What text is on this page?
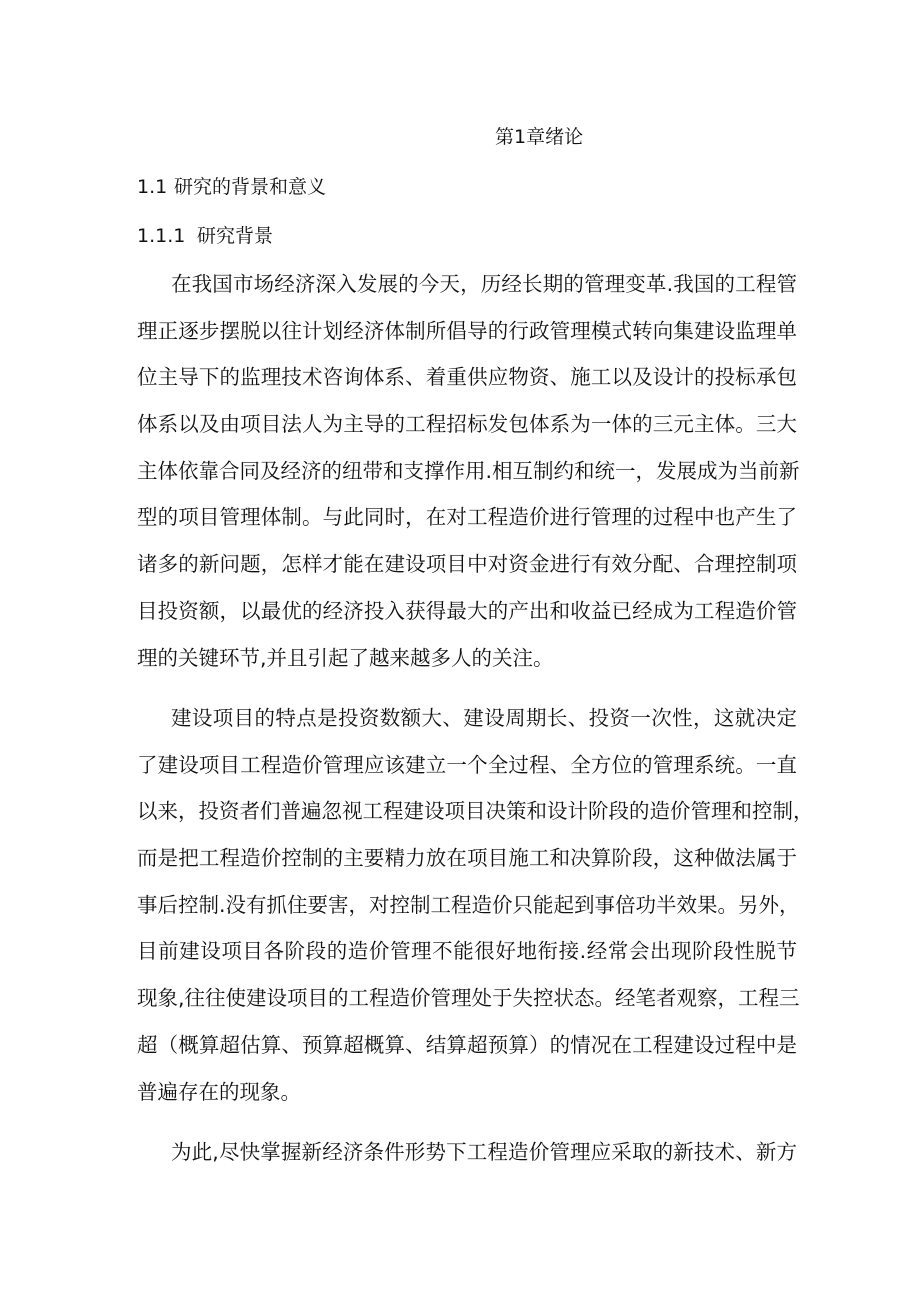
第1章绪论
1.1 研究的背景和意义
1.1.1 研究背景
在我国市场经济深入发展的今天，历经长期的管理变革.我国的工程管
理正逐步摆脱以往计划经济体制所倡导的行政管理模式转向集建设监理单
位主导下的监理技术咨询体系、着重供应物资、施工以及设计的投标承包
体系以及由项目法人为主导的工程招标发包体系为一体的三元主体。三大
主体依靠合同及经济的纽带和支撑作用.相互制约和统一，发展成为当前新
型的项目管理体制。与此同时，在对工程造价进行管理的过程中也产生了
诸多的新问题，怎样才能在建设项目中对资金进行有效分配、合理控制项
目投资额，以最优的经济投入获得最大的产出和收益已经成为工程造价管
理的关键环节,并且引起了越来越多人的关注。
建设项目的特点是投资数额大、建设周期长、投资一次性，这就决定
了建设项目工程造价管理应该建立一个全过程、全方位的管理系统。一直
以来，投资者们普遍忽视工程建设项目决策和设计阶段的造价管理和控制，
而是把工程造价控制的主要精力放在项目施工和决算阶段，这种做法属于
事后控制.没有抓住要害，对控制工程造价只能起到事倍功半效果。另外，
目前建设项目各阶段的造价管理不能很好地衔接.经常会出现阶段性脱节
现象,往往使建设项目的工程造价管理处于失控状态。经笔者观察，工程三
超（概算超估算、预算超概算、结算超预算）的情况在工程建设过程中是
普遍存在的现象。
为此,尽快掌握新经济条件形势下工程造价管理应采取的新技术、新方
